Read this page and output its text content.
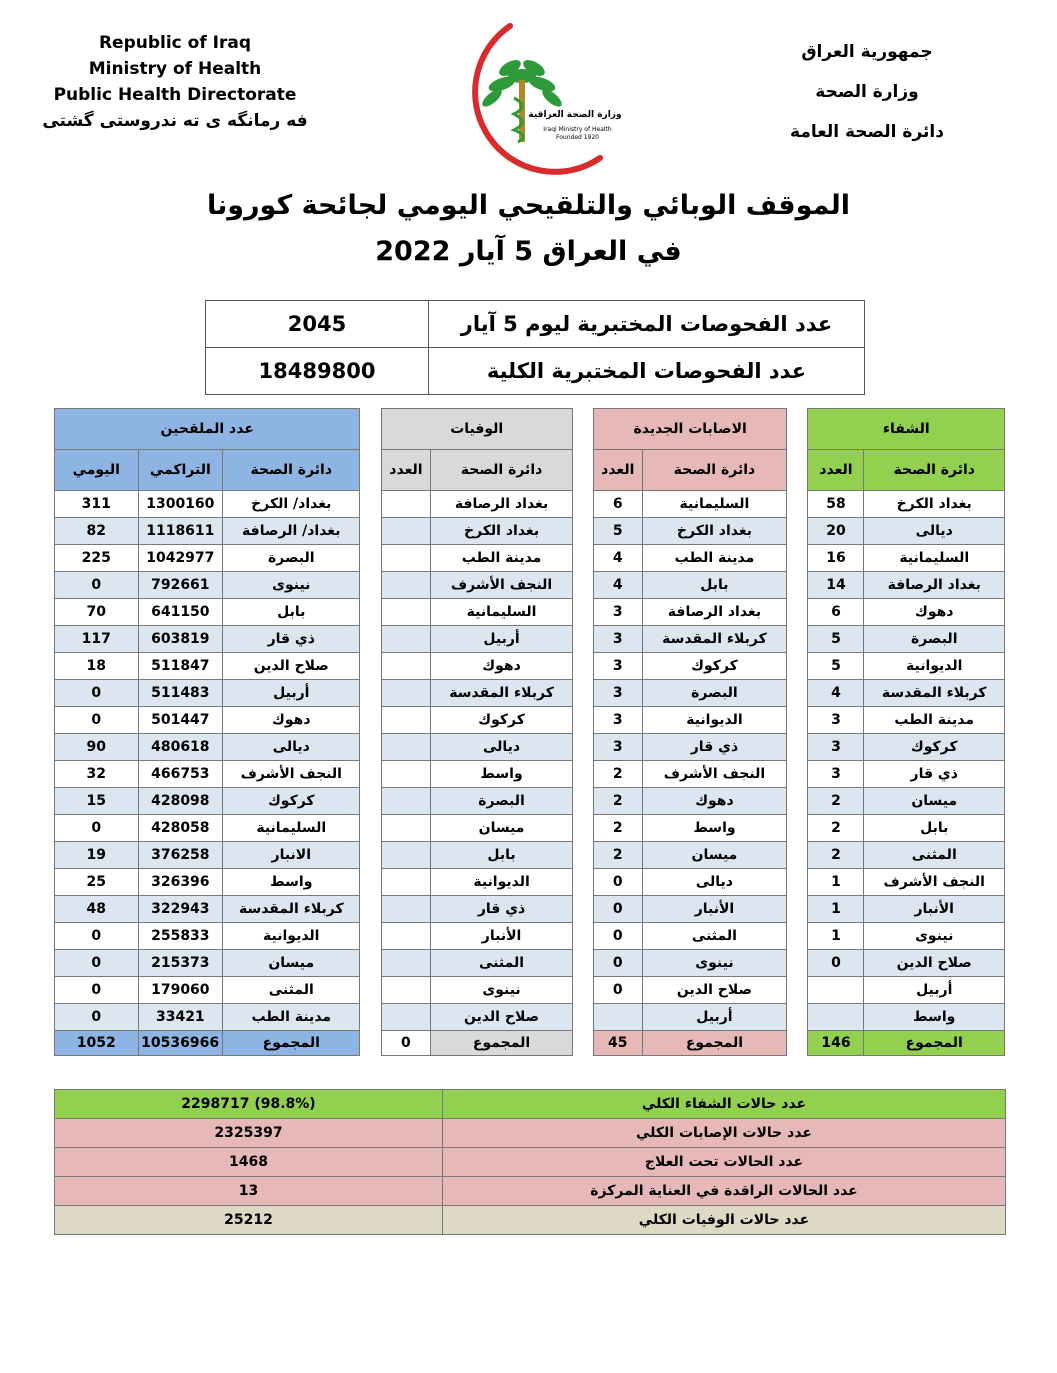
Republic of Iraq
Ministry of Health
Public Health Directorate
فه رمانگه ی ته ندروستی گشتی	وزارة الصحة العراقية
Iraqi Ministry of Health
Founded 1920
جمهورية العراق
وزارة الصحة
دائرة الصحة العامة
الموقف الوبائي والتلقيحي اليومي لجائحة كورونا
في العراق 5 آيار 2022
2045	عدد الفحوصات المختبرية ليوم 5 آيار
18489800	عدد الفحوصات المختبرية الكلية
الشفاء			الاصابات الجديدة			الوفيات			عدد الملقحين		
دائرة الصحة	العدد		دائرة الصحة	العدد		دائرة الصحة	العدد		دائرة الصحة	التراكمي	اليومي
بغداد الكرخ	58		السليمانية	6		بغداد الرصافة			بغداد/ الكرخ	1300160	311
ديالى	20		بغداد الكرخ	5		بغداد الكرخ			بغداد/ الرصافة	1118611	82
السليمانية	16		مدينة الطب	4		مدينة الطب			البصرة	1042977	225
بغداد الرصافة	14		بابل	4		النجف الأشرف			نينوى	792661	0
دهوك	6		بغداد الرصافة	3		السليمانية			بابل	641150	70
البصرة	5		كربلاء المقدسة	3		أربيل			ذي قار	603819	117
الديوانية	5		كركوك	3		دهوك			صلاح الدين	511847	18
كربلاء المقدسة	4		البصرة	3		كربلاء المقدسة			أربيل	511483	0
مدينة الطب	3		الديوانية	3		كركوك			دهوك	501447	0
كركوك	3		ذي قار	3		ديالى			ديالى	480618	90
ذي قار	3		النجف الأشرف	2		واسط			النجف الأشرف	466753	32
ميسان	2		دهوك	2		البصرة			كركوك	428098	15
بابل	2		واسط	2		ميسان			السليمانية	428058	0
المثنى	2		ميسان	2		بابل			الانبار	376258	19
النجف الأشرف	1		ديالى	0		الديوانية			واسط	326396	25
الأنبار	1		الأنبار	0		ذي قار			كربلاء المقدسة	322943	48
نينوى	1		المثنى	0		الأنبار			الديوانية	255833	0
صلاح الدين	0		نينوى	0		المثنى			ميسان	215373	0
أربيل			صلاح الدين	0		نينوى			المثنى	179060	0
واسط			أربيل			صلاح الدين			مدينة الطب	33421	0
المجموع	146		المجموع	45		المجموع	0		المجموع	10536966	1052
عدد حالات الشفاء الكلي	2298717 (98.8%)
عدد حالات الإصابات الكلي	2325397
عدد الحالات تحت العلاج	1468
عدد الحالات الراقدة في العناية المركزة	13
عدد حالات الوفيات الكلي	25212
